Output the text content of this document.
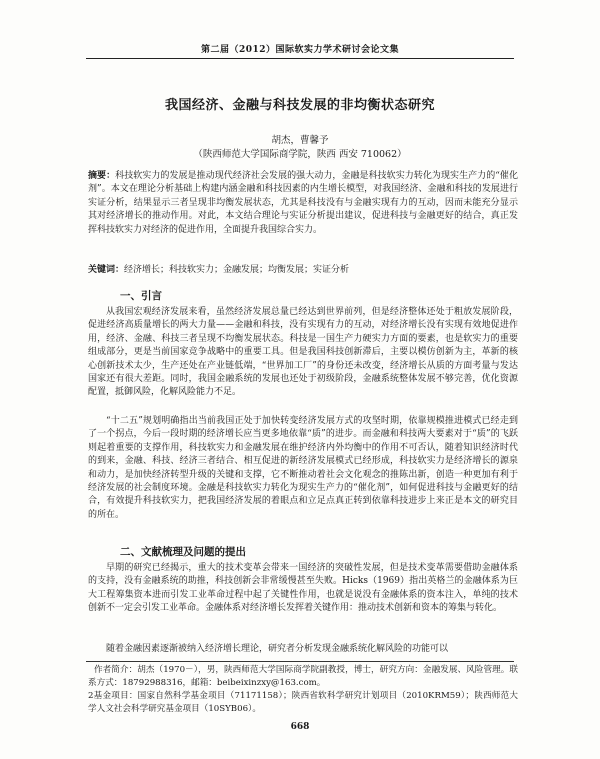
第二届（2012）国际软实力学术研讨会论文集
我国经济、金融与科技发展的非均衡状态研究
胡杰，曹馨予
（陕西师范大学国际商学院，陕西 西安 710062）
摘要：科技软实力的发展是推动现代经济社会发展的强大动力，金融是科技软实力转化为现实生产力的“催化剂”。本文在理论分析基础上构建内涵金融和科技因素的内生增长模型，对我国经济、金融和科技的发展进行实证分析，结果显示三者呈现非均衡发展状态，尤其是科技没有与金融实现有力的互动，因而未能充分显示其对经济增长的推动作用。对此，本文结合理论与实证分析提出建议，促进科技与金融更好的结合，真正发挥科技软实力对经济的促进作用，全面提升我国综合实力。
关键词：经济增长；科技软实力；金融发展；均衡发展；实证分析
一、引言
从我国宏观经济发展来看，虽然经济发展总量已经达到世界前列，但是经济整体还处于粗放发展阶段，促进经济高质量增长的两大力量——金融和科技，没有实现有力的互动，对经济增长没有实现有效地促进作用，经济、金融、科技三者呈现不均衡发展状态。科技是一国生产力硬实力方面的要素，也是软实力的重要组成部分，更是当前国家竞争战略中的重要工具。但是我国科技创新滞后，主要以模仿创新为主，革新的核心创新技术太少，生产还处在产业链低端，“世界加工厂”的身份还未改变，经济增长从质的方面考量与发达国家还有很大差距。同时，我国金融系统的发展也还处于初级阶段，金融系统整体发展不够完善，优化资源配置，抵御风险，化解风险能力不足。
“十二五”规划明确指出当前我国正处于加快转变经济发展方式的攻坚时期，依靠规模推进模式已经走到了一个拐点，今后一段时期的经济增长应当更多地依靠“质”的进步。而金融和科技两大要素对于“质”的飞跃则起着重要的支撑作用，科技软实力和金融发展在维护经济内外均衡中的作用不可否认，随着知识经济时代的到来，金融、科技、经济三者结合、相互促进的新经济发展模式已经形成，科技软实力是经济增长的源泉和动力，是加快经济转型升级的关键和支撑，它不断推动着社会文化观念的推陈出新，创造一种更加有利于经济发展的社会制度环境。金融是科技软实力转化为现实生产力的“催化剂”，如何促进科技与金融更好的结合，有效提升科技软实力，把我国经济发展的着眼点和立足点真正转到依靠科技进步上来正是本文的研究目的所在。
二、文献梳理及问题的提出
早期的研究已经揭示，重大的技术变革会带来一国经济的突破性发展，但是技术变革需要借助金融体系的支持，没有金融系统的助推，科技创新会非常缓慢甚至失败。Hicks（1969）指出英格兰的金融体系为巨大工程筹集资本进而引发工业革命过程中起了关键性作用，也就是说没有金融体系的资本注入，单纯的技术创新不一定会引发工业革命。金融体系对经济增长发挥着关键作用：推动技术创新和资本的筹集与转化。
随着金融因素逐渐被纳入经济增长理论，研究者分析发现金融系统化解风险的功能可以

作者简介：胡杰（1970－），男，陕西师范大学国际商学院副教授，博士，研究方向：金融发展、风险管理。联系方式：18792988316，邮箱：beibeixinzxy@163.com。

2基金项目：国家自然科学基金项目（71171158）；陕西省软科学研究计划项目（2010KRM59）；陕西师范大学人文社会科学研究基金项目（10SYB06）。

668
